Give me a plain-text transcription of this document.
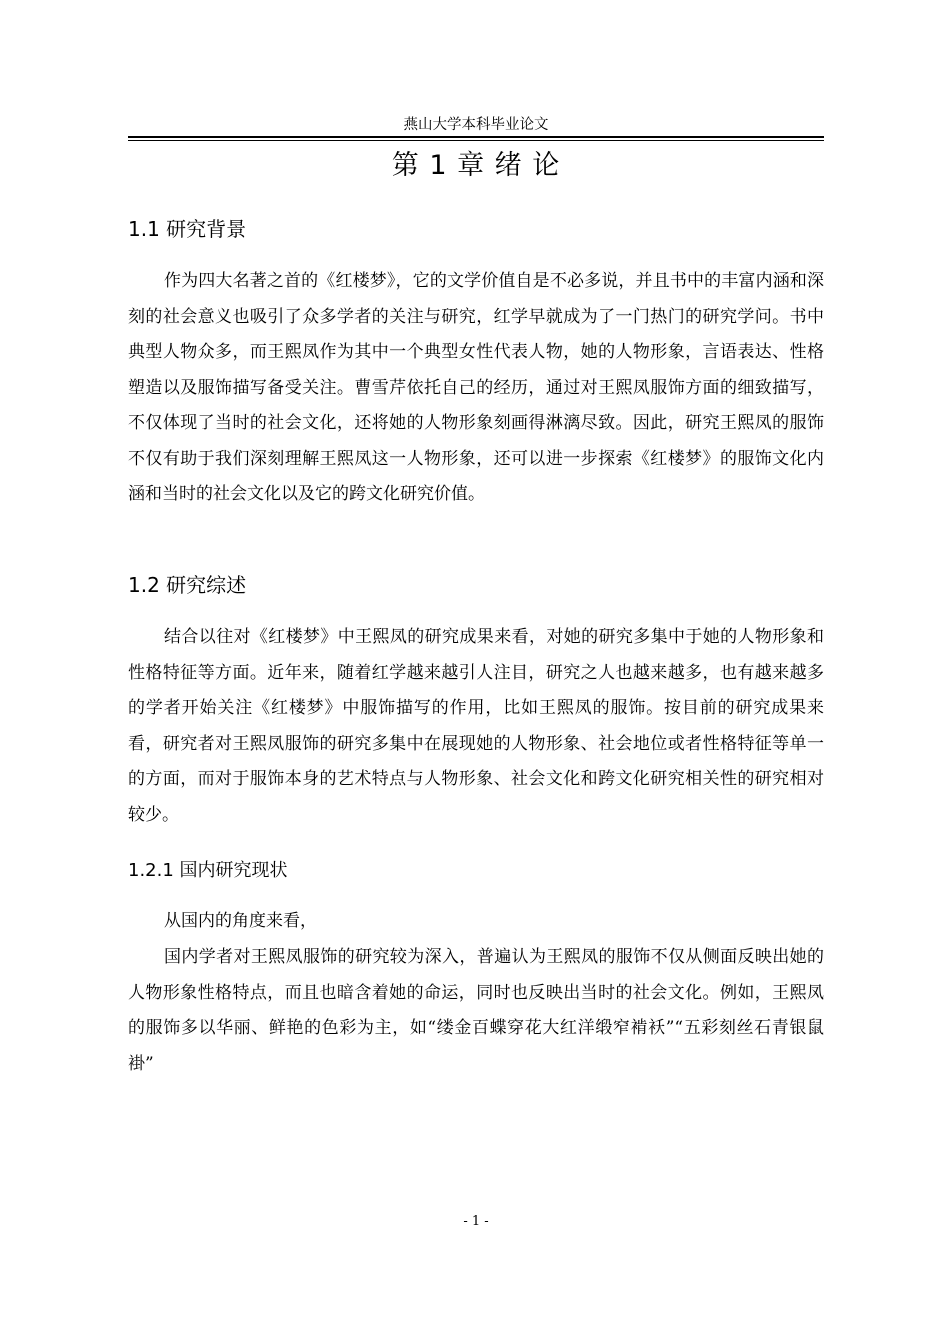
燕山大学本科毕业论文
第 1 章 绪 论
1.1 研究背景

作为四大名著之首的《红楼梦》，它的文学价值自是不必多说，并且书中的丰富内涵和深刻的社会意义也吸引了众多学者的关注与研究，红学早就成为了一门热门的研究学问。书中典型人物众多，而王熙凤作为其中一个典型女性代表人物，她的人物形象，言语表达、性格塑造以及服饰描写备受关注。曹雪芹依托自己的经历，通过对王熙凤服饰方面的细致描写，不仅体现了当时的社会文化，还将她的人物形象刻画得淋漓尽致。因此，研究王熙凤的服饰不仅有助于我们深刻理解王熙凤这一人物形象，还可以进一步探索《红楼梦》的服饰文化内涵和当时的社会文化以及它的跨文化研究价值。

1.2 研究综述

结合以往对《红楼梦》中王熙凤的研究成果来看，对她的研究多集中于她的人物形象和性格特征等方面。近年来，随着红学越来越引人注目，研究之人也越来越多，也有越来越多的学者开始关注《红楼梦》中服饰描写的作用，比如王熙凤的服饰。按目前的研究成果来看，研究者对王熙凤服饰的研究多集中在展现她的人物形象、社会地位或者性格特征等单一的方面，而对于服饰本身的艺术特点与人物形象、社会文化和跨文化研究相关性的研究相对较少。

1.2.1 国内研究现状

从国内的角度来看，

国内学者对王熙凤服饰的研究较为深入，普遍认为王熙凤的服饰不仅从侧面反映出她的人物形象性格特点，而且也暗含着她的命运，同时也反映出当时的社会文化。例如，王熙凤的服饰多以华丽、鲜艳的色彩为主，如“缕金百蝶穿花大红洋缎窄褃袄”“五彩刻丝石青银鼠褂”

- 1 -
